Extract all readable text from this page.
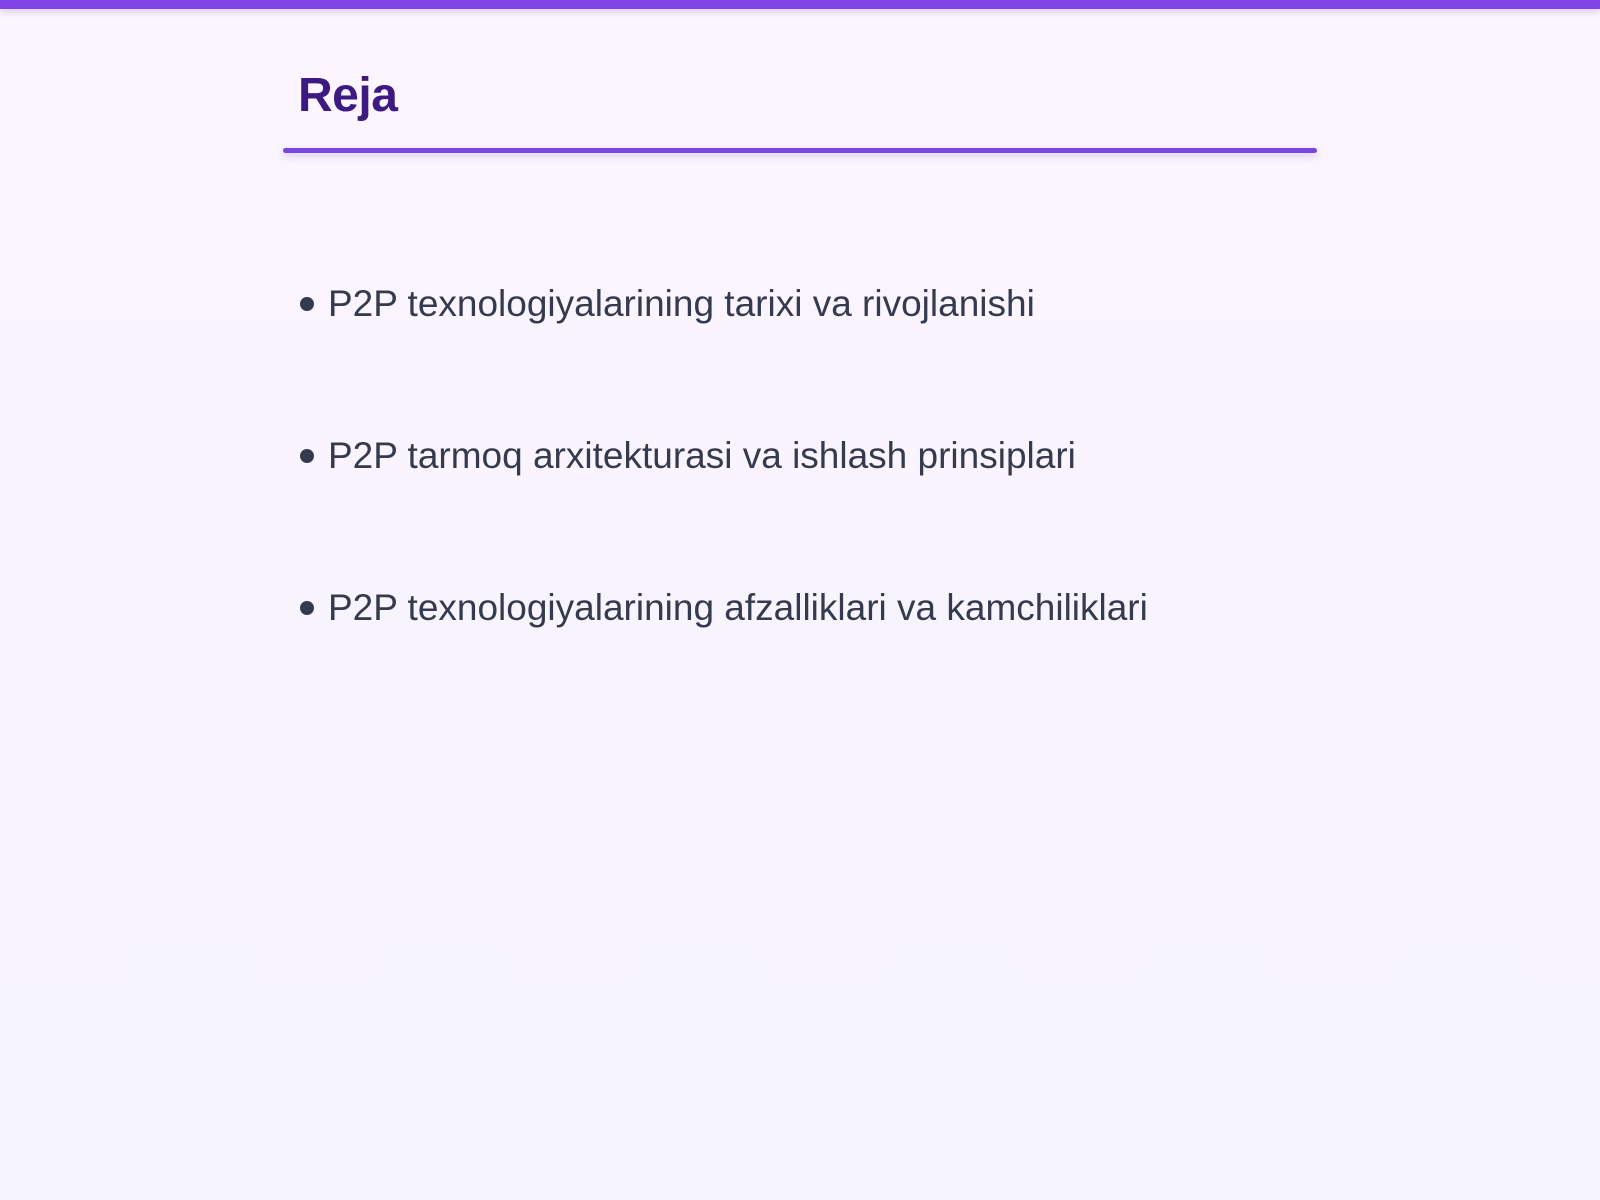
Reja
P2P texnologiyalarining tarixi va rivojlanishi
P2P tarmoq arxitekturasi va ishlash prinsiplari
P2P texnologiyalarining afzalliklari va kamchiliklari
